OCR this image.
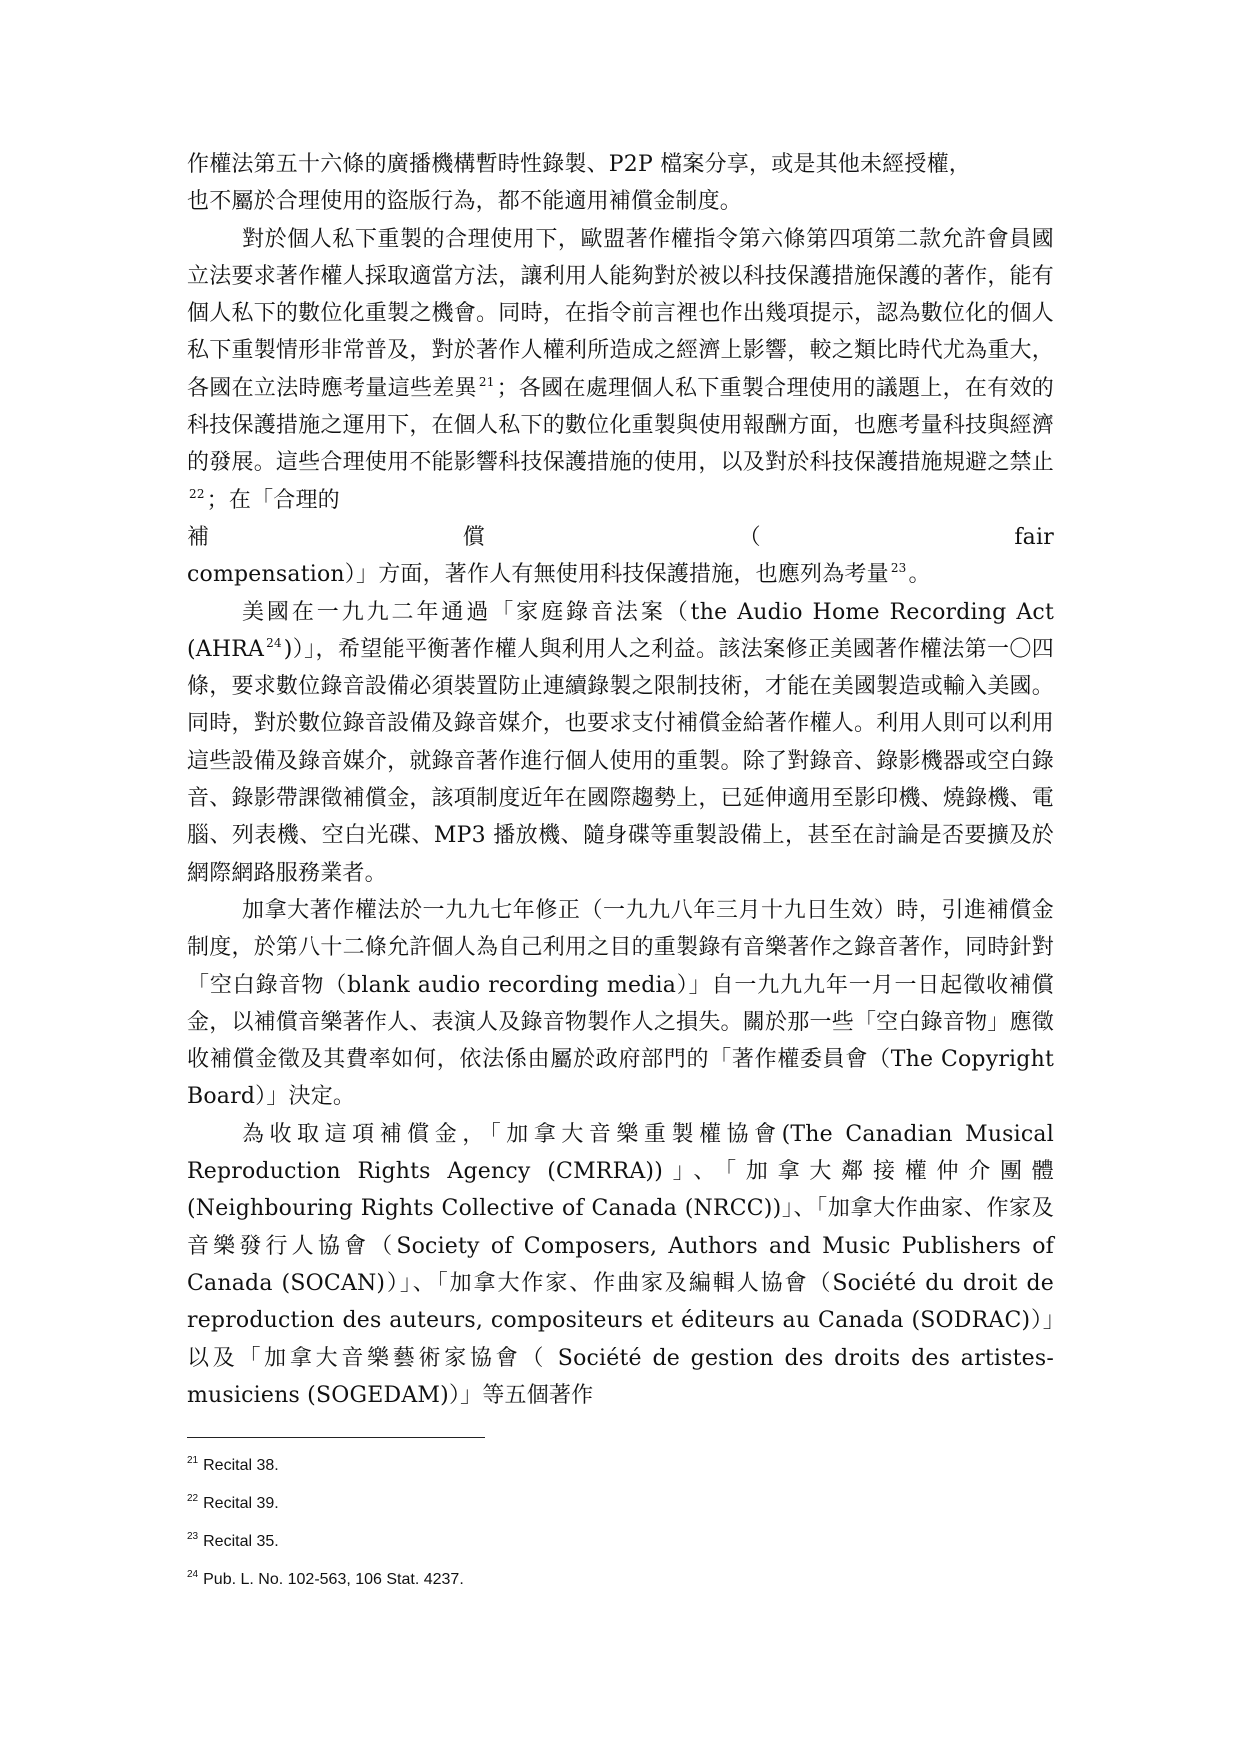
作權法第五十六條的廣播機構暫時性錄製、P2P 檔案分享，或是其他未經授權，
也不屬於合理使用的盜版行為，都不能適用補償金制度。

對於個人私下重製的合理使用下，歐盟著作權指令第六條第四項第二款允許會員國立法要求著作權人採取適當方法，讓利用人能夠對於被以科技保護措施保護的著作，能有個人私下的數位化重製之機會。同時，在指令前言裡也作出幾項提示，認為數位化的個人私下重製情形非常普及，對於著作人權利所造成之經濟上影響，較之類比時代尤為重大，各國在立法時應考量這些差異 $^{21}$；各國在處理個人私下重製合理使用的議題上，在有效的科技保護措施之運用下，在個人私下的數位化重製與使用報酬方面，也應考量科技與經濟的發展。這些合理使用不能影響科技保護措施的使用，以及對於科技保護措施規避之禁止$^{22}$；在「合理的

補	償	（	fair

compensation）」方面，著作人有無使用科技保護措施，也應列為考量 $^{23}$。

美國在一九九二年通過「家庭錄音法案（the Audio Home Recording Act (AHRA $^{24}$)）」，希望能平衡著作權人與利用人之利益。該法案修正美國著作權法第一〇四條，要求數位錄音設備必須裝置防止連續錄製之限制技術，才能在美國製造或輸入美國。同時，對於數位錄音設備及錄音媒介，也要求支付補償金給著作權人。利用人則可以利用這些設備及錄音媒介，就錄音著作進行個人使用的重製。除了對錄音、錄影機器或空白錄音、錄影帶課徵補償金，該項制度近年在國際趨勢上，已延伸適用至影印機、燒錄機、電腦、列表機、空白光碟、MP3 播放機、隨身碟等重製設備上，甚至在討論是否要擴及於網際網路服務業者。

加拿大著作權法於一九九七年修正（一九九八年三月十九日生效）時，引進補償金制度，於第八十二條允許個人為自己利用之目的重製錄有音樂著作之錄音著作，同時針對「空白錄音物（blank audio recording media）」自一九九九年一月一日起徵收補償金，以補償音樂著作人、表演人及錄音物製作人之損失。關於那一些「空白錄音物」應徵收補償金徵及其費率如何，依法係由屬於政府部門的「著作權委員會（The Copyright Board）」決定。

為收取這項補償金，「加拿大音樂重製權協會(The Canadian Musical Reproduction Rights Agency (CMRRA))」、「加拿大鄰接權仲介團體(Neighbouring Rights Collective of Canada (NRCC))」、「加拿大作曲家、作家及音樂發行人協會（Society of Composers, Authors and Music Publishers of Canada (SOCAN)）」、「加拿大作家、作曲家及編輯人協會（Société du droit de reproduction des auteurs, compositeurs et éditeurs au Canada (SODRAC)）」以及「加拿大音樂藝術家協會（ Société de gestion des droits des artistes-musiciens (SOGEDAM)）」等五個著作

$^{21}$ Recital 38.
$^{22}$ Recital 39.
$^{23}$ Recital 35.
$^{24}$ Pub. L. No. 102-563, 106 Stat. 4237.
